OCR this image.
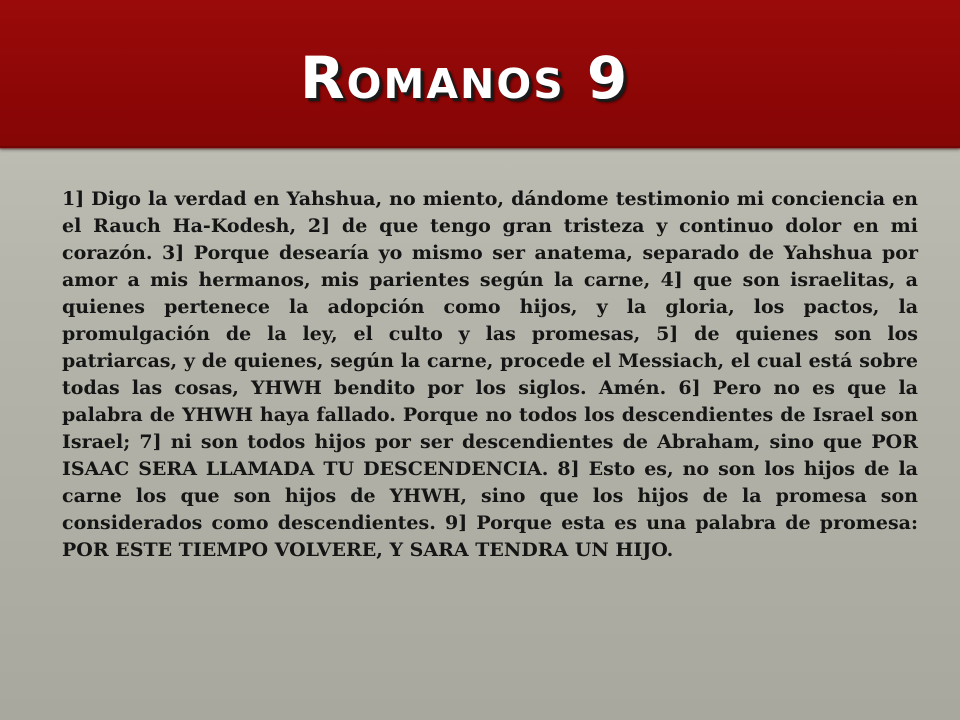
Romanos 9

1] Digo la verdad en Yahshua, no miento, dándome testimonio mi conciencia en el Rauch Ha-Kodesh, 2] de que tengo gran tristeza y continuo dolor en mi corazón. 3] Porque desearía yo mismo ser anatema, separado de Yahshua por amor a mis hermanos, mis parientes según la carne, 4] que son israelitas, a quienes pertenece la adopción como hijos, y la gloria, los pactos, la promulgación de la ley, el culto y las promesas, 5] de quienes son los patriarcas, y de quienes, según la carne, procede el Messiach, el cual está sobre todas las cosas, YHWH bendito por los siglos. Amén. 6] Pero no es que la palabra de YHWH haya fallado. Porque no todos los descendientes de Israel son Israel; 7] ni son todos hijos por ser descendientes de Abraham, sino que POR ISAAC SERA LLAMADA TU DESCENDENCIA. 8] Esto es, no son los hijos de la carne los que son hijos de YHWH, sino que los hijos de la promesa son considerados como descendientes. 9] Porque esta es una palabra de promesa: POR ESTE TIEMPO VOLVERE, Y SARA TENDRA UN HIJO.
